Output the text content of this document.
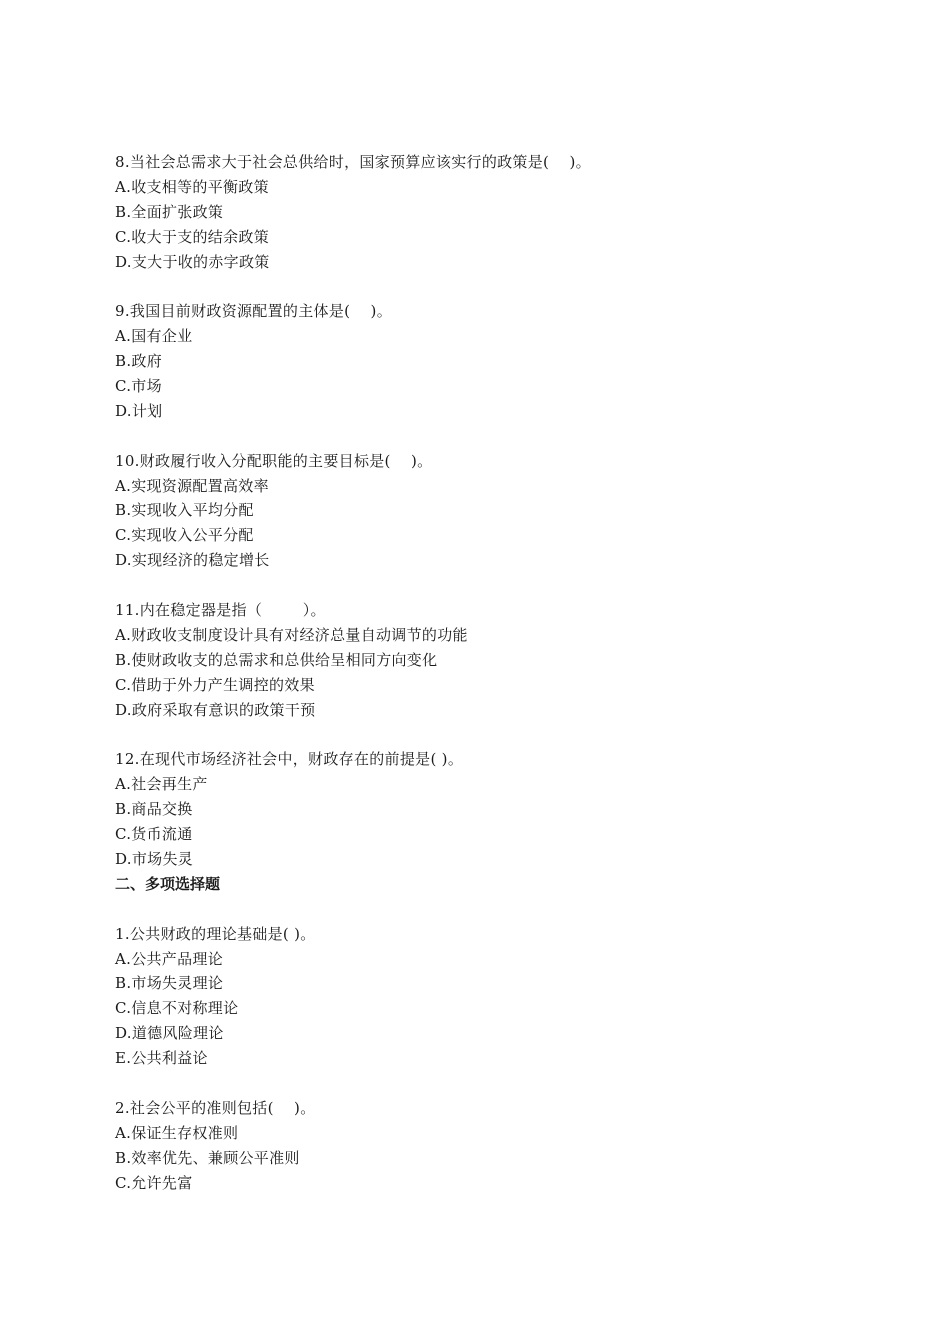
8.当社会总需求大于社会总供给时，国家预算应该实行的政策是(    )。
A.收支相等的平衡政策
B.全面扩张政策
C.收大于支的结余政策
D.支大于收的赤字政策
9.我国目前财政资源配置的主体是(    )。
A.国有企业
B.政府
C.市场
D.计划
10.财政履行收入分配职能的主要目标是(    )。
A.实现资源配置高效率
B.实现收入平均分配
C.实现收入公平分配
D.实现经济的稳定增长
11.内在稳定器是指（        ）。
A.财政收支制度设计具有对经济总量自动调节的功能
B.使财政收支的总需求和总供给呈相同方向变化
C.借助于外力产生调控的效果
D.政府采取有意识的政策干预
12.在现代市场经济社会中，财政存在的前提是( )。
A.社会再生产
B.商品交换
C.货币流通
D.市场失灵
二、多项选择题
1.公共财政的理论基础是( )。
A.公共产品理论
B.市场失灵理论
C.信息不对称理论
D.道德风险理论
E.公共利益论
2.社会公平的准则包括(    )。
A.保证生存权准则
B.效率优先、兼顾公平准则
C.允许先富
